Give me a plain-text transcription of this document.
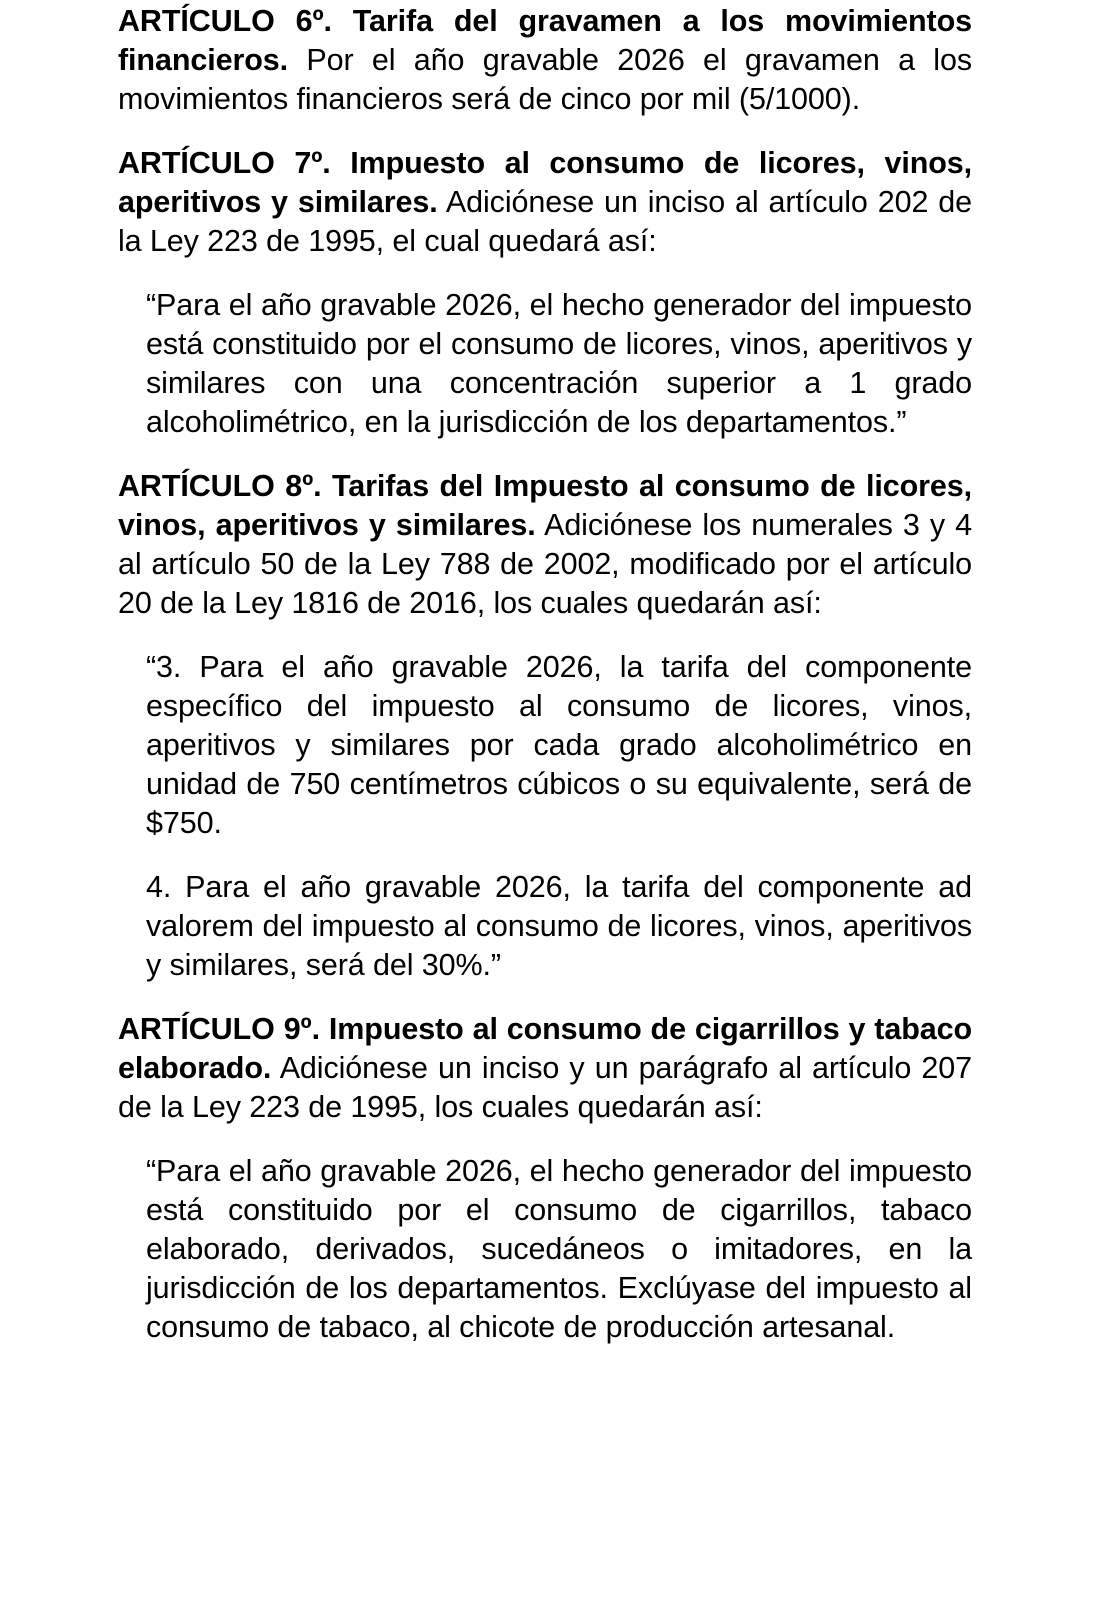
ARTÍCULO 6º. Tarifa del gravamen a los movimientos financieros. Por el año gravable 2026 el gravamen a los movimientos financieros será de cinco por mil (5/1000).

ARTÍCULO 7º. Impuesto al consumo de licores, vinos, aperitivos y similares. Adiciónese un inciso al artículo 202 de la Ley 223 de 1995, el cual quedará así:

“Para el año gravable 2026, el hecho generador del impuesto está constituido por el consumo de licores, vinos, aperitivos y similares con una concentración superior a 1 grado alcoholimétrico, en la jurisdicción de los departamentos.”

ARTÍCULO 8º. Tarifas del Impuesto al consumo de licores, vinos, aperitivos y similares. Adiciónese los numerales 3 y 4 al artículo 50 de la Ley 788 de 2002, modificado por el artículo 20 de la Ley 1816 de 2016, los cuales quedarán así:

“3. Para el año gravable 2026, la tarifa del componente específico del impuesto al consumo de licores, vinos, aperitivos y similares por cada grado alcoholimétrico en unidad de 750 centímetros cúbicos o su equivalente, será de $750.

4. Para el año gravable 2026, la tarifa del componente ad valorem del impuesto al consumo de licores, vinos, aperitivos y similares, será del 30%.”

ARTÍCULO 9º. Impuesto al consumo de cigarrillos y tabaco elaborado. Adiciónese un inciso y un parágrafo al artículo 207 de la Ley 223 de 1995, los cuales quedarán así:

“Para el año gravable 2026, el hecho generador del impuesto está constituido por el consumo de cigarrillos, tabaco elaborado, derivados, sucedáneos o imitadores, en la jurisdicción de los departamentos. Exclúyase del impuesto al consumo de tabaco, al chicote de producción artesanal.
